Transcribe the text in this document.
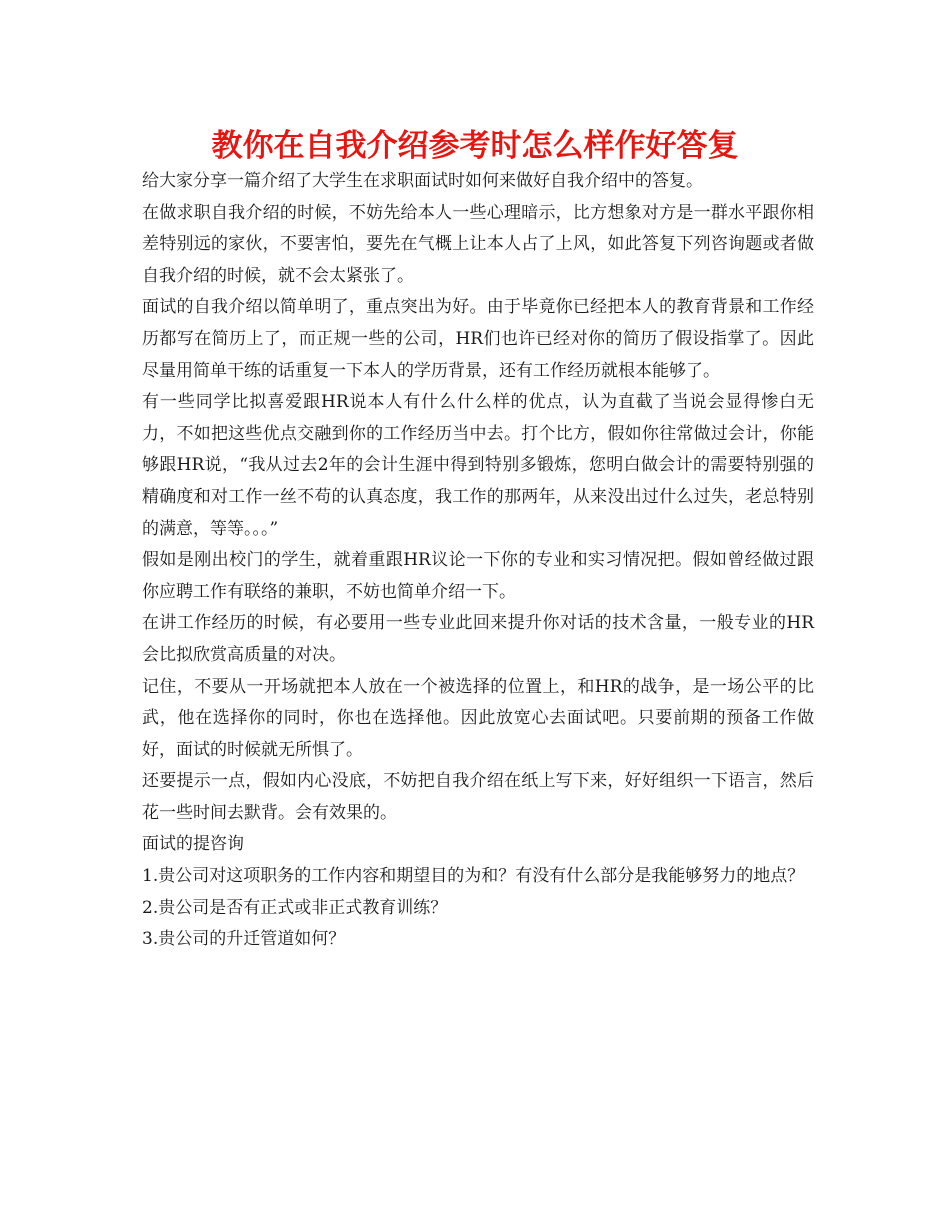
教你在自我介绍参考时怎么样作好答复

给大家分享一篇介绍了大学生在求职面试时如何来做好自我介绍中的答复。

在做求职自我介绍的时候，不妨先给本人一些心理暗示，比方想象对方是一群水平跟你相差特别远的家伙，不要害怕，要先在气概上让本人占了上风，如此答复下列咨询题或者做自我介绍的时候，就不会太紧张了。

面试的自我介绍以简单明了，重点突出为好。由于毕竟你已经把本人的教育背景和工作经历都写在简历上了，而正规一些的公司，HR们也许已经对你的简历了假设指掌了。因此尽量用简单干练的话重复一下本人的学历背景，还有工作经历就根本能够了。

有一些同学比拟喜爱跟HR说本人有什么什么样的优点，认为直截了当说会显得惨白无力，不如把这些优点交融到你的工作经历当中去。打个比方，假如你往常做过会计，你能够跟HR说，“我从过去2年的会计生涯中得到特别多锻炼，您明白做会计的需要特别强的精确度和对工作一丝不苟的认真态度，我工作的那两年，从来没出过什么过失，老总特别的满意，等等。。。”

假如是刚出校门的学生，就着重跟HR议论一下你的专业和实习情况把。假如曾经做过跟你应聘工作有联络的兼职，不妨也简单介绍一下。

在讲工作经历的时候，有必要用一些专业此回来提升你对话的技术含量，一般专业的HR会比拟欣赏高质量的对决。

记住，不要从一开场就把本人放在一个被选择的位置上，和HR的战争，是一场公平的比武，他在选择你的同时，你也在选择他。因此放宽心去面试吧。只要前期的预备工作做好，面试的时候就无所惧了。

还要提示一点，假如内心没底，不妨把自我介绍在纸上写下来，好好组织一下语言，然后花一些时间去默背。会有效果的。

面试的提咨询

1.贵公司对这项职务的工作内容和期望目的为和？有没有什么部分是我能够努力的地点？

2.贵公司是否有正式或非正式教育训练？

3.贵公司的升迁管道如何？
